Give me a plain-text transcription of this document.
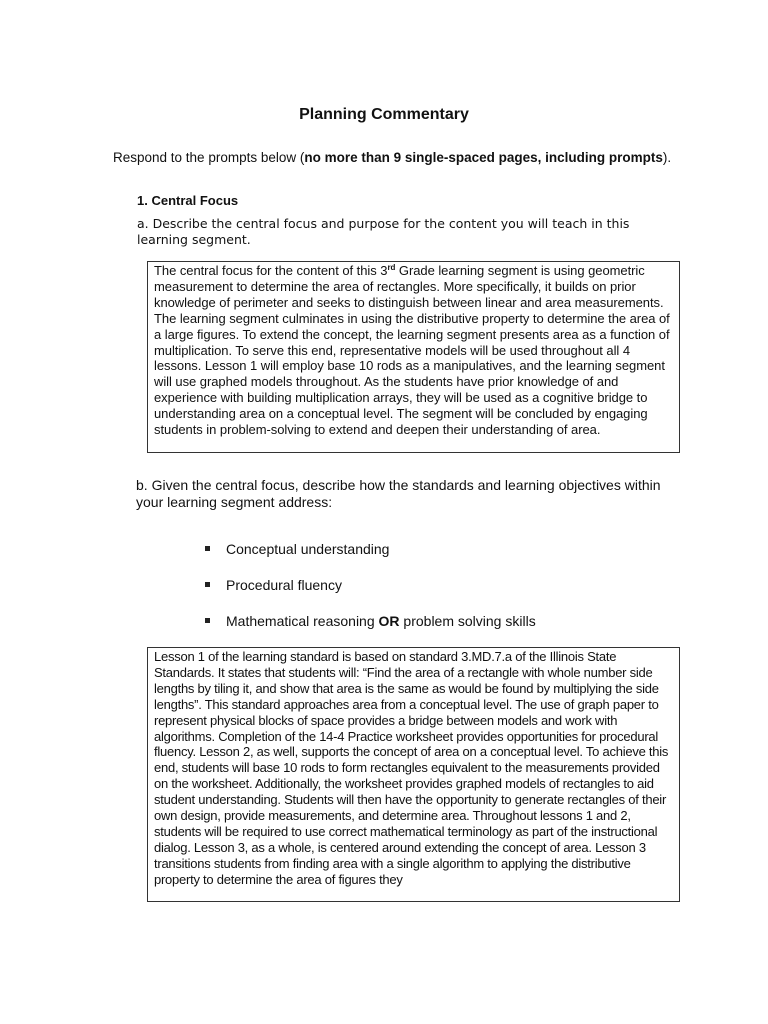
Planning Commentary
Respond to the prompts below (no more than 9 single-spaced pages, including prompts).
1. Central Focus
a. Describe the central focus and purpose for the content you will teach in this learning segment.

The central focus for the content of this 3rd Grade learning segment is using geometric measurement to determine the area of rectangles. More specifically, it builds on prior knowledge of perimeter and seeks to distinguish between linear and area measurements. The learning segment culminates in using the distributive property to determine the area of a large figures. To extend the concept, the learning segment presents area as a function of multiplication. To serve this end, representative models will be used throughout all 4 lessons. Lesson 1 will employ base 10 rods as a manipulatives, and the learning segment will use graphed models throughout. As the students have prior knowledge of and experience with building multiplication arrays, they will be used as a cognitive bridge to understanding area on a conceptual level. The segment will be concluded by engaging students in problem-solving to extend and deepen their understanding of area.

b. Given the central focus, describe how the standards and learning objectives within your learning segment address:
Conceptual understanding
Procedural fluency
Mathematical reasoning OR problem solving skills

Lesson 1 of the learning standard is based on standard 3.MD.7.a of the Illinois State Standards. It states that students will: “Find the area of a rectangle with whole number side lengths by tiling it, and show that area is the same as would be found by multiplying the side lengths”. This standard approaches area from a conceptual level. The use of graph paper to represent physical blocks of space provides a bridge between models and work with algorithms. Completion of the 14-4 Practice worksheet provides opportunities for procedural fluency. Lesson 2, as well, supports the concept of area on a conceptual level. To achieve this end, students will base 10 rods to form rectangles equivalent to the measurements provided on the worksheet. Additionally, the worksheet provides graphed models of rectangles to aid student understanding. Students will then have the opportunity to generate rectangles of their own design, provide measurements, and determine area. Throughout lessons 1 and 2, students will be required to use correct mathematical terminology as part of the instructional dialog. Lesson 3, as a whole, is centered around extending the concept of area. Lesson 3 transitions students from finding area with a single algorithm to applying the distributive property to determine the area of figures they
